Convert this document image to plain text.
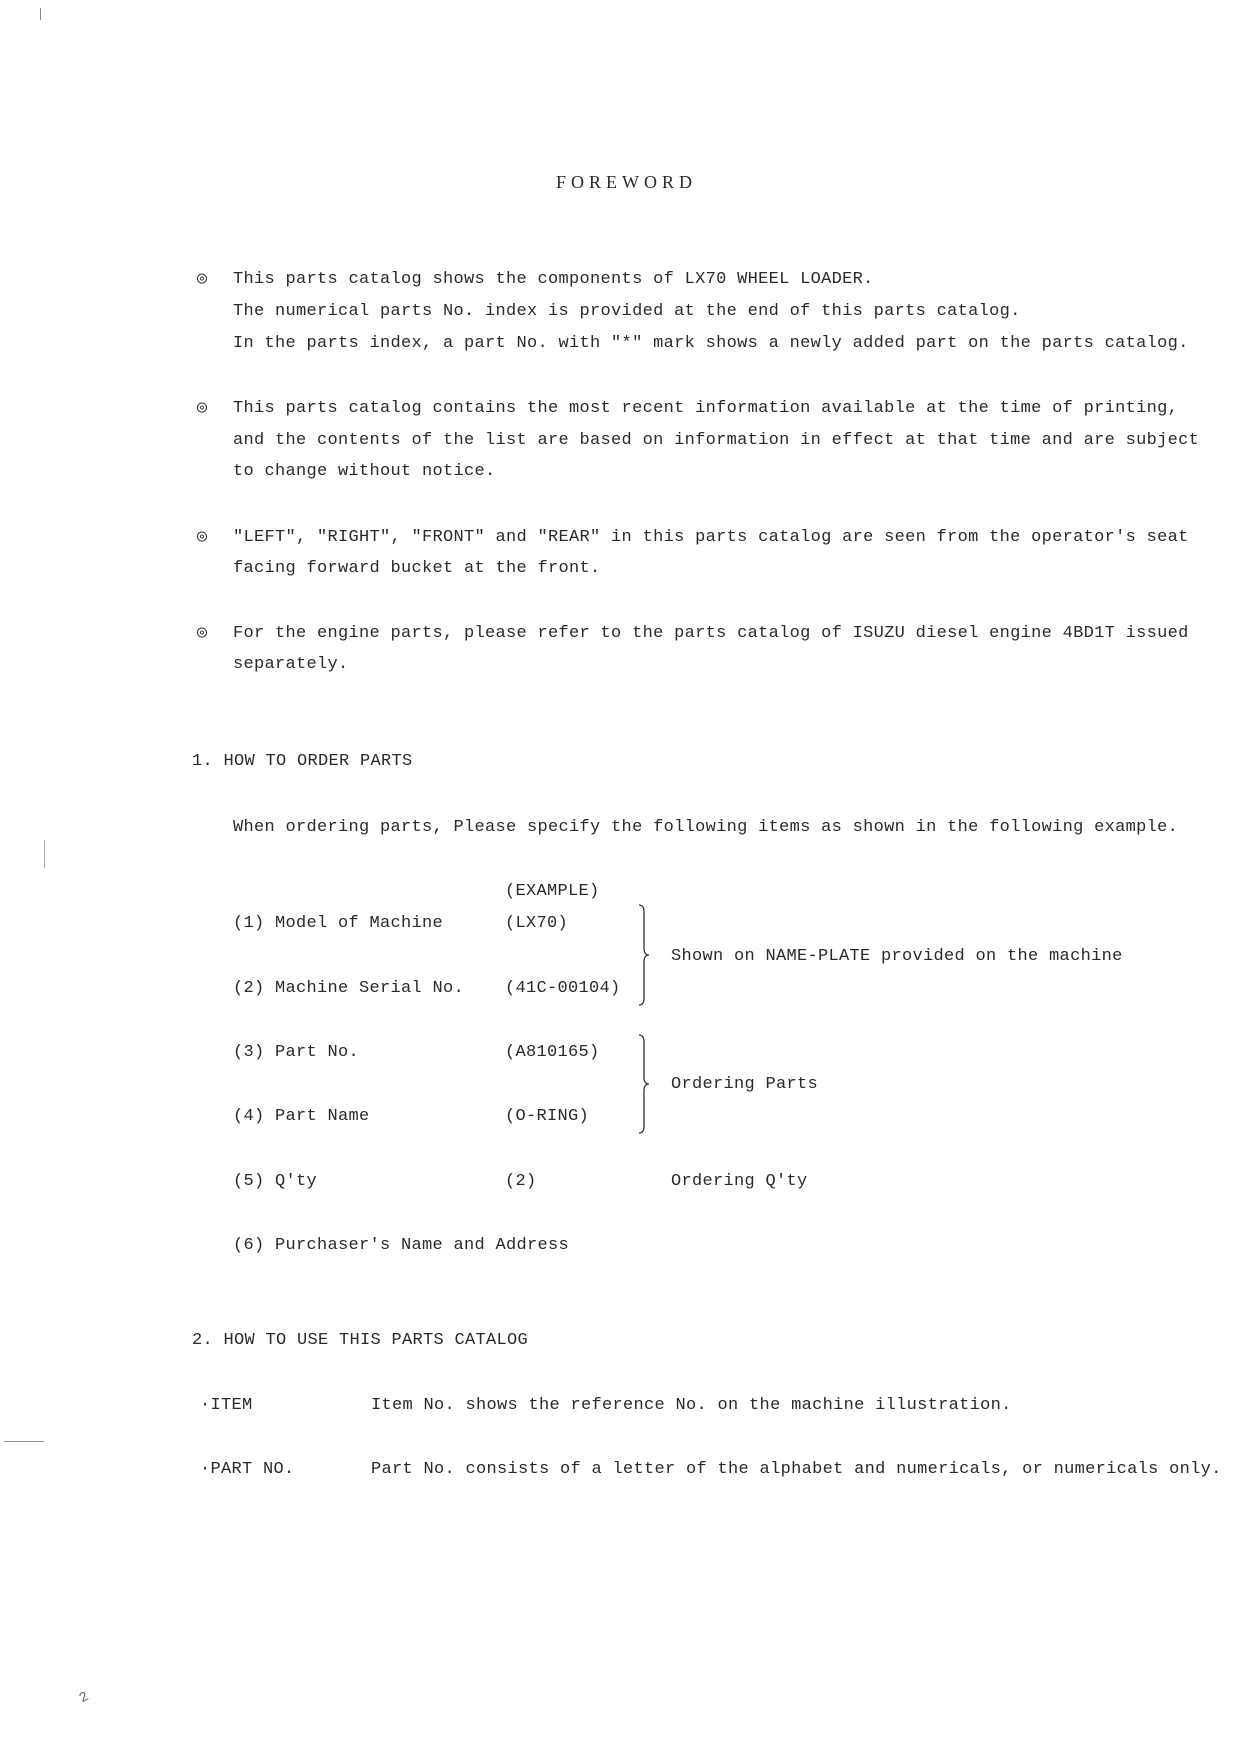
FOREWORD
◎ This parts catalog shows the components of LX70 WHEEL LOADER.
The numerical parts No. index is provided at the end of this parts catalog.
In the parts index, a part No. with "*" mark shows a newly added part on the parts catalog.
◎ This parts catalog contains the most recent information available at the time of printing,
and the contents of the list are based on information in effect at that time and are subject
to change without notice.
◎ "LEFT", "RIGHT", "FRONT" and "REAR" in this parts catalog are seen from the operator's seat
facing forward bucket at the front.
◎ For the engine parts, please refer to the parts catalog of ISUZU diesel engine 4BD1T issued
separately.
1. HOW TO ORDER PARTS
When ordering parts, Please specify the following items as shown in the following example.
(EXAMPLE)
(1) Model of Machine	(LX70)
(2) Machine Serial No. (41C-00104)
Shown on NAME-PLATE provided on the machine
(3) Part No.	(A810165)
(4) Part Name	(O-RING)
Ordering Parts
(5) Q'ty	(2)	Ordering Q'ty
(6) Purchaser's Name and Address
2. HOW TO USE THIS PARTS CATALOG
·ITEM	Item No. shows the reference No. on the machine illustration.
·PART NO.	Part No. consists of a letter of the alphabet and numericals, or numericals only.
2
